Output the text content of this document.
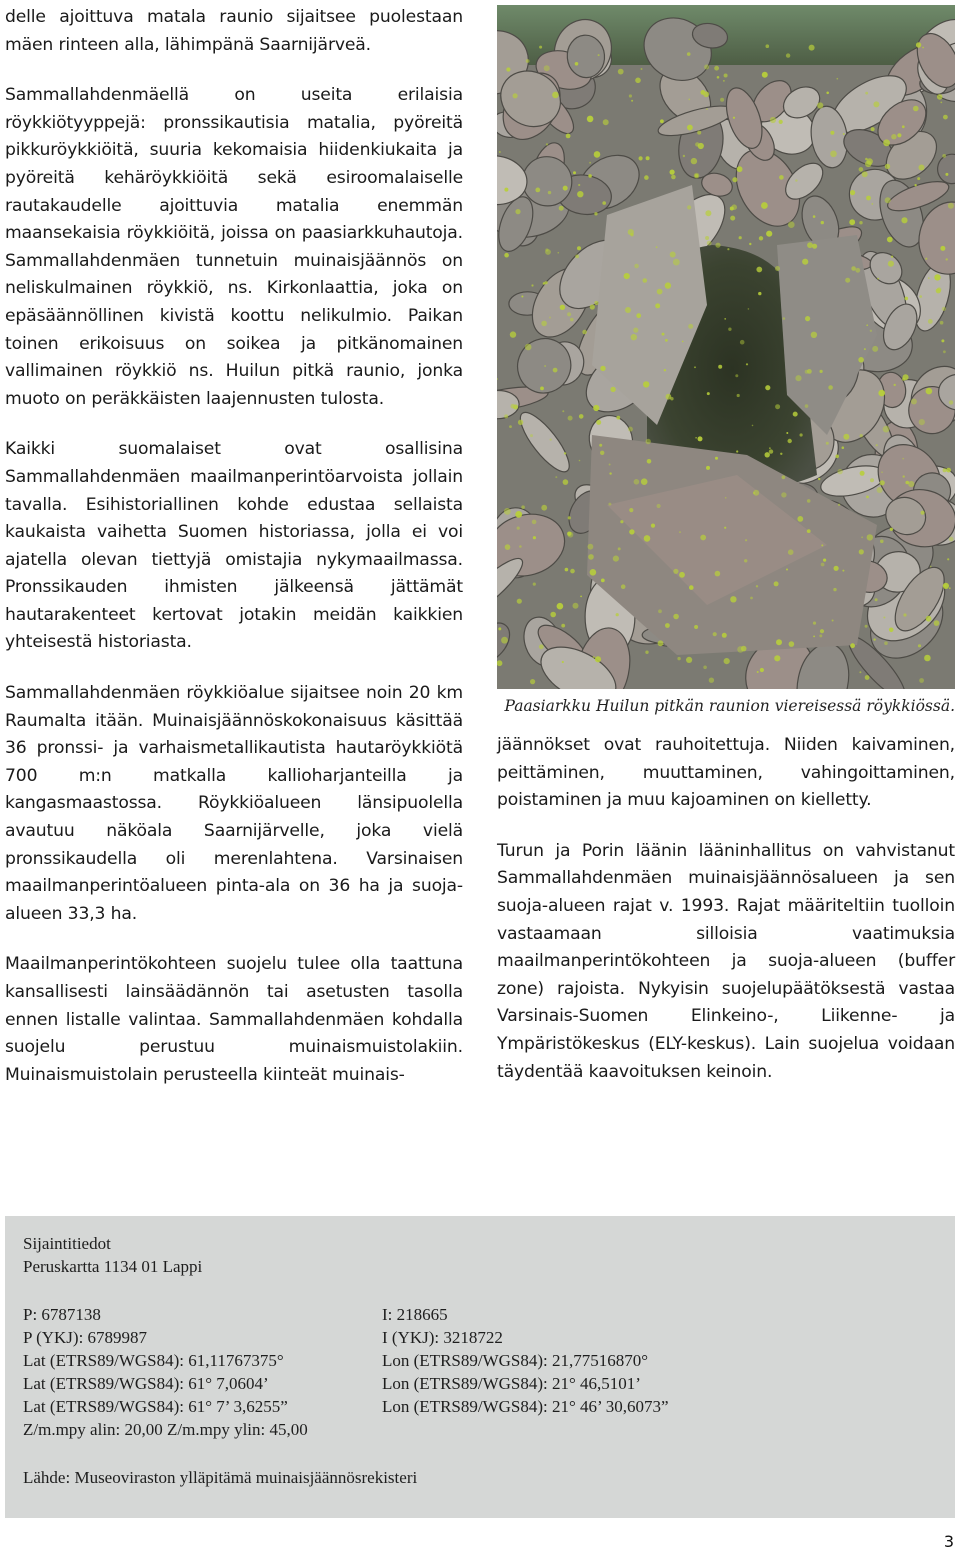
delle ajoittuva matala raunio sijaitsee puolestaan mäen rinteen alla, lähimpänä Saarnijärveä.

Sammallahdenmäellä on useita erilaisia röykkiötyyppejä: pronssikautisia matalia, pyöreitä pikkuröykkiöitä, suuria kekomaisia hiidenkiukaita ja pyöreitä kehäröykkiöitä sekä esiroomalaiselle rautakaudelle ajoittuvia matalia enemmän maansekaisia röykkiöitä, joissa on paasiarkkuhautoja. Sammallahdenmäen tunnetuin muinaisjäännös on neliskulmainen röykkiö, ns. Kirkonlaattia, joka on epäsäännöllinen kivistä koottu nelikulmio. Paikan toinen erikoisuus on soikea ja pitkänomainen vallimainen röykkiö ns. Huilun pitkä raunio, jonka muoto on peräkkäisten laajennusten tulosta.

Kaikki suomalaiset ovat osallisina Sammallahdenmäen maailmanperintöarvoista jollain tavalla. Esihistoriallinen kohde edustaa sellaista kaukaista vaihetta Suomen historiassa, jolla ei voi ajatella olevan tiettyjä omistajia nykymaailmassa. Pronssikauden ihmisten jälkeensä jättämät hautarakenteet kertovat jotakin meidän kaikkien yhteisestä historiasta.

Sammallahdenmäen röykkiöalue sijaitsee noin 20 km Raumalta itään. Muinaisjäännöskokonaisuus käsittää 36 pronssi- ja varhaismetallikautista hautaröykkiötä 700 m:n matkalla kallioharjanteilla ja kangasmaastossa. Röykkiöalueen länsipuolella avautuu näköala Saarnijärvelle, joka vielä pronssikaudella oli merenlahtena. Varsinaisen maailmanperintöalueen pinta-ala on 36 ha ja suoja-alueen 33,3 ha.

Maailmanperintökohteen suojelu tulee olla taattuna kansallisesti lainsäädännön tai asetusten tasolla ennen listalle valintaa. Sammallahdenmäen kohdalla suojelu perustuu muinaismuistolakiin. Muinaismuistolain perusteella kiinteät muinais-

Paasiarkku Huilun pitkän raunion viereisessä röykkiössä.

jäännökset ovat rauhoitettuja. Niiden kaivaminen, peittäminen, muuttaminen, vahingoittaminen, poistaminen ja muu kajoaminen on kielletty.

Turun ja Porin läänin lääninhallitus on vahvistanut Sammallahdenmäen muinaisjäännösalueen ja sen suoja-alueen rajat v. 1993. Rajat määriteltiin tuolloin vastaamaan silloisia vaatimuksia maailmanperintökohteen ja suoja-alueen (buffer zone) rajoista. Nykyisin suojelupäätöksestä vastaa Varsinais-Suomen Elinkeino-, Liikenne- ja Ympäristökeskus (ELY-keskus). Lain suojelua voidaan täydentää kaavoituksen keinoin.

Sijaintitiedot
Peruskartta 1134 01 Lappi
P: 6787138	I: 218665
P (YKJ): 6789987	I (YKJ): 3218722
Lat (ETRS89/WGS84): 61,11767375°	Lon (ETRS89/WGS84): 21,77516870°
Lat (ETRS89/WGS84): 61° 7,0604’	Lon (ETRS89/WGS84): 21° 46,5101’
Lat (ETRS89/WGS84): 61° 7’ 3,6255”	Lon (ETRS89/WGS84): 21° 46’ 30,6073”
Z/m.mpy alin: 20,00 Z/m.mpy ylin: 45,00
Lähde: Museoviraston ylläpitämä muinaisjäännösrekisteri
3
